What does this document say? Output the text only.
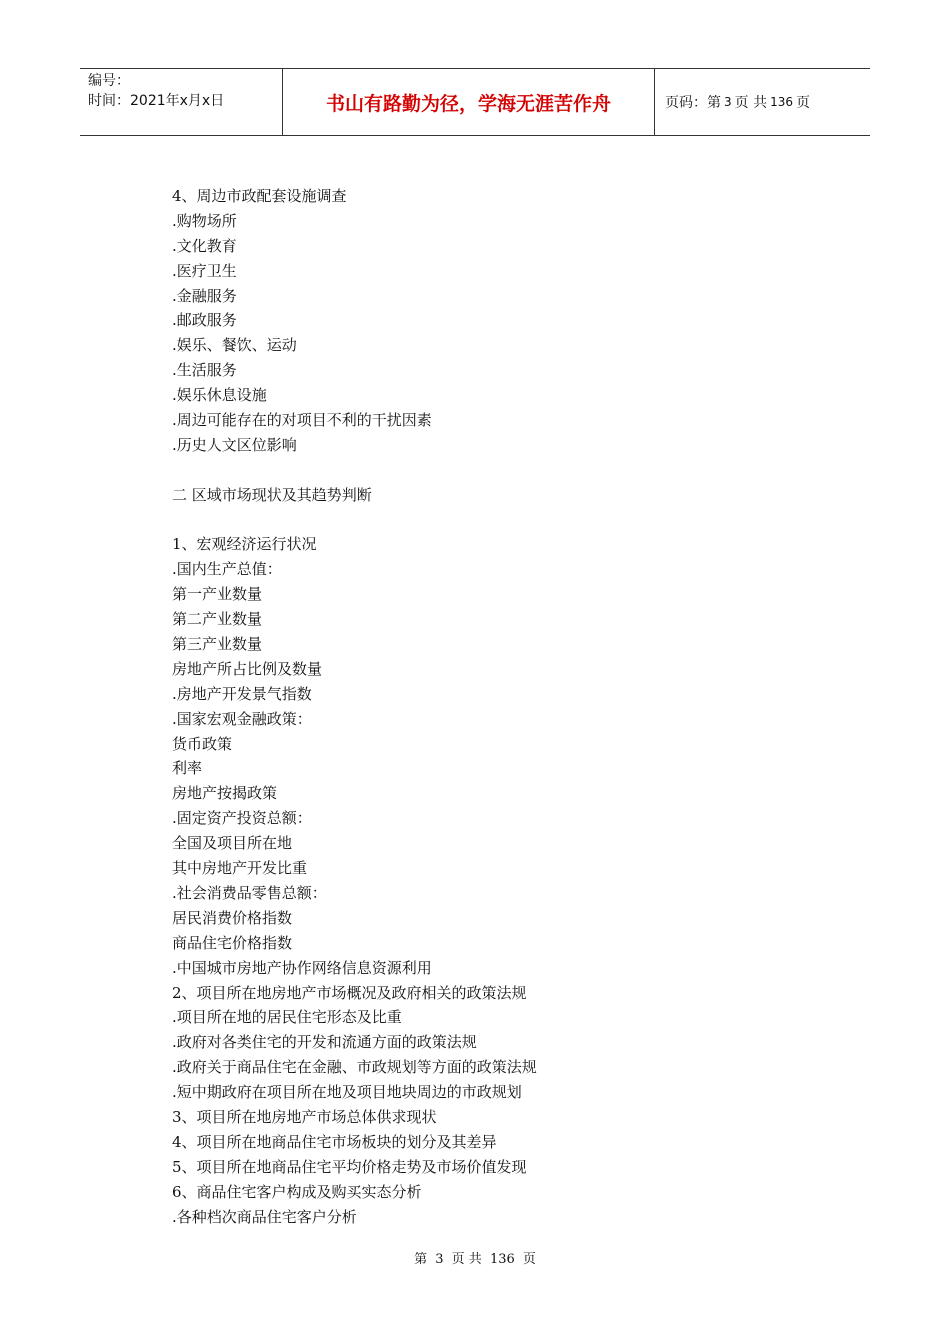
编号：
时间：2021年x月x日	书山有路勤为径，学海无涯苦作舟	页码：第 3 页 共 136 页
4、周边市政配套设施调查
.购物场所
.文化教育
.医疗卫生
.金融服务
.邮政服务
.娱乐、餐饮、运动
.生活服务
.娱乐休息设施
.周边可能存在的对项目不利的干扰因素
.历史人文区位影响
二 区域市场现状及其趋势判断
1、宏观经济运行状况
.国内生产总值：
第一产业数量
第二产业数量
第三产业数量
房地产所占比例及数量
.房地产开发景气指数
.国家宏观金融政策：
货币政策
利率
房地产按揭政策
.固定资产投资总额：
全国及项目所在地
其中房地产开发比重
.社会消费品零售总额：
居民消费价格指数
商品住宅价格指数
.中国城市房地产协作网络信息资源利用
2、项目所在地房地产市场概况及政府相关的政策法规
.项目所在地的居民住宅形态及比重
.政府对各类住宅的开发和流通方面的政策法规
.政府关于商品住宅在金融、市政规划等方面的政策法规
.短中期政府在项目所在地及项目地块周边的市政规划
3、项目所在地房地产市场总体供求现状
4、项目所在地商品住宅市场板块的划分及其差异
5、项目所在地商品住宅平均价格走势及市场价值发现
6、商品住宅客户构成及购买实态分析
.各种档次商品住宅客户分析
第 3 页 共 136 页
